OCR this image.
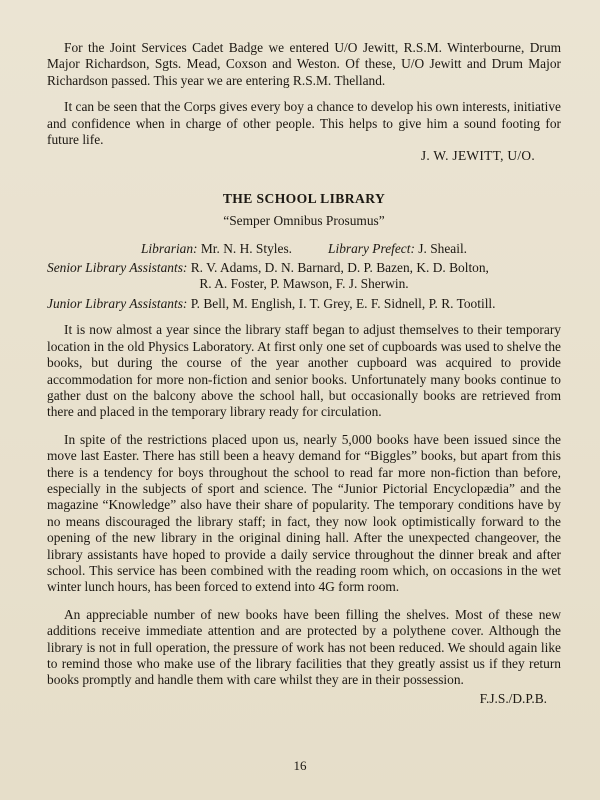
For the Joint Services Cadet Badge we entered U/O Jewitt, R.S.M. Winterbourne, Drum Major Richardson, Sgts. Mead, Coxson and Weston. Of these, U/O Jewitt and Drum Major Richardson passed. This year we are entering R.S.M. Thelland.

It can be seen that the Corps gives every boy a chance to develop his own interests, initiative and confidence when in charge of other people. This helps to give him a sound footing for future life.

J. W. JEWITT, U/O.

THE SCHOOL LIBRARY

“Semper Omnibus Prosumus”

Librarian: Mr. N. H. Styles.	Library Prefect: J. Sheail.

Senior Library Assistants: R. V. Adams, D. N. Barnard, D. P. Bazen, K. D. Bolton,

R. A. Foster, P. Mawson, F. J. Sherwin.

Junior Library Assistants: P. Bell, M. English, I. T. Grey, E. F. Sidnell, P. R. Tootill.

It is now almost a year since the library staff began to adjust themselves to their temporary location in the old Physics Laboratory. At first only one set of cupboards was used to shelve the books, but during the course of the year another cupboard was acquired to provide accommodation for more non-fiction and senior books. Unfortunately many books continue to gather dust on the balcony above the school hall, but occasionally books are retrieved from there and placed in the temporary library ready for circulation.

In spite of the restrictions placed upon us, nearly 5,000 books have been issued since the move last Easter. There has still been a heavy demand for “Biggles” books, but apart from this there is a tendency for boys throughout the school to read far more non-fiction than before, especially in the subjects of sport and science. The “Junior Pictorial Encyclopædia” and the magazine “Knowledge” also have their share of popularity. The temporary conditions have by no means discouraged the library staff; in fact, they now look optimistically forward to the opening of the new library in the original dining hall. After the unexpected changeover, the library assistants have hoped to provide a daily service throughout the dinner break and after school. This service has been combined with the reading room which, on occasions in the wet winter lunch hours, has been forced to extend into 4G form room.

An appreciable number of new books have been filling the shelves. Most of these new additions receive immediate attention and are protected by a polythene cover. Although the library is not in full operation, the pressure of work has not been reduced. We should again like to remind those who make use of the library facilities that they greatly assist us if they return books promptly and handle them with care whilst they are in their possession.

F.J.S./D.P.B.

16
